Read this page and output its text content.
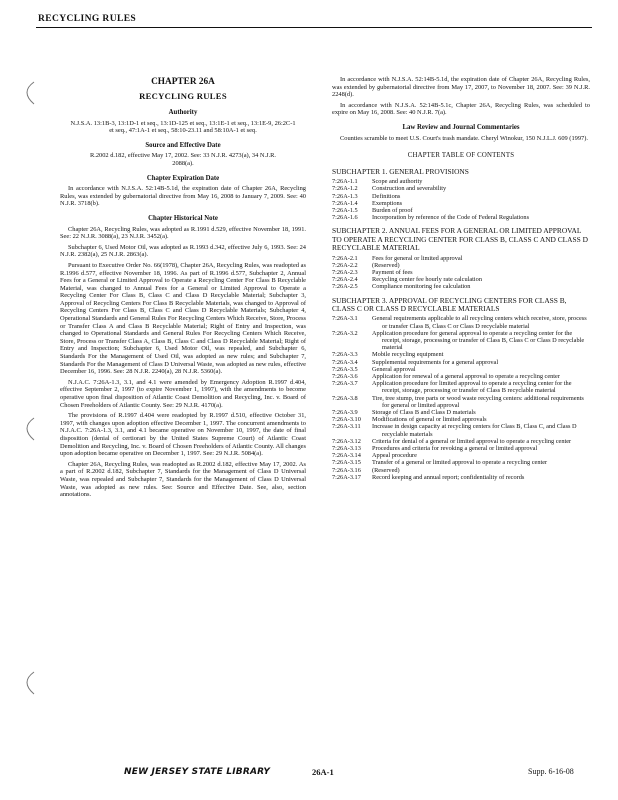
RECYCLING RULES
CHAPTER 26A
RECYCLING RULES
Authority
N.J.S.A. 13:1B-3, 13:1D-1 et seq., 13:1D-125 et seq., 13:1E-1 et seq., 13:1E-9, 26:2C-1 et seq., 47:1A-1 et seq., 58:10-23.11 and 58:10A-1 et seq.
Source and Effective Date
R.2002 d.182, effective May 17, 2002. See: 33 N.J.R. 4273(a), 34 N.J.R. 2088(a).
Chapter Expiration Date

In accordance with N.J.S.A. 52:14B-5.1d, the expiration date of Chapter 26A, Recycling Rules, was extended by gubernatorial directive from May 16, 2008 to January 7, 2009. See: 40 N.J.R. 3718(b).

Chapter Historical Note

Chapter 26A, Recycling Rules, was adopted as R.1991 d.529, effective November 18, 1991. See: 22 N.J.R. 3088(a), 23 N.J.R. 3452(a).

Subchapter 6, Used Motor Oil, was adopted as R.1993 d.342, effective July 6, 1993. See: 24 N.J.R. 2382(a), 25 N.J.R. 2863(a).

Pursuant to Executive Order No. 66(1978), Chapter 26A, Recycling Rules, was readopted as R.1996 d.577, effective November 18, 1996. As part of R.1996 d.577, Subchapter 2, Annual Fees for a General or Limited Approval to Operate a Recycling Center For Class B Recyclable Material, was changed to Annual Fees for a General or Limited Approval to Operate a Recycling Center For Class B, Class C and Class D Recyclable Material; Subchapter 3, Approval of Recycling Centers For Class B Recyclable Materials, was changed to Approval of Recycling Centers For Class B, Class C and Class D Recyclable Materials; Subchapter 4, Operational Standards and General Rules For Recycling Centers Which Receive, Store, Process or Transfer Class A and Class B Recyclable Material; Right of Entry and Inspection, was changed to Operational Standards and General Rules For Recycling Centers Which Receive, Store, Process or Transfer Class A, Class B, Class C and Class D Recyclable Material; Right of Entry and Inspection; Subchapter 6, Used Motor Oil, was repealed, and Subchapter 6, Standards For the Management of Used Oil, was adopted as new rules; and Subchapter 7, Standards For the Management of Class D Universal Waste, was adopted as new rules, effective December 16, 1996. See: 28 N.J.R. 2240(a), 28 N.J.R. 5360(a).

N.J.A.C. 7:26A-1.3, 3.1, and 4.1 were amended by Emergency Adoption R.1997 d.404, effective September 2, 1997 (to expire November 1, 1997), with the amendments to become operative upon final disposition of Atlantic Coast Demolition and Recycling, Inc. v. Board of Chosen Freeholders of Atlantic County. See: 29 N.J.R. 4170(a).

The provisions of R.1997 d.404 were readopted by R.1997 d.510, effective October 31, 1997, with changes upon adoption effective December 1, 1997. The concurrent amendments to N.J.A.C. 7:26A-1.3, 3.1, and 4.1 became operative on November 10, 1997, the date of final disposition (denial of certiorari by the United States Supreme Court) of Atlantic Coast Demolition and Recycling, Inc. v. Board of Chosen Freeholders of Atlantic County. All changes upon adoption became operative on December 1, 1997. See: 29 N.J.R. 5084(a).

Chapter 26A, Recycling Rules, was readopted as R.2002 d.182, effective May 17, 2002. As a part of R.2002 d.182, Subchapter 7, Standards for the Management of Class D Universal Waste, was repealed and Subchapter 7, Standards for the Management of Class D Universal Waste, was adopted as new rules. See: Source and Effective Date. See, also, section annotations.

In accordance with N.J.S.A. 52:14B-5.1d, the expiration date of Chapter 26A, Recycling Rules, was extended by gubernatorial directive from May 17, 2007, to November 18, 2007. See: 39 N.J.R. 2248(d).

In accordance with N.J.S.A. 52:14B-5.1c, Chapter 26A, Recycling Rules, was scheduled to expire on May 16, 2008. See: 40 N.J.R. 7(a).

Law Review and Journal Commentaries

Counties scramble to meet U.S. Court's trash mandate. Cheryl Winokur, 150 N.J.L.J. 609 (1997).

CHAPTER TABLE OF CONTENTS
SUBCHAPTER 1. GENERAL PROVISIONS
7:26A-1.1	Scope and authority
7:26A-1.2	Construction and severability
7:26A-1.3	Definitions
7:26A-1.4	Exemptions
7:26A-1.5	Burden of proof
7:26A-1.6	Incorporation by reference of the Code of Federal Regulations
SUBCHAPTER 2. ANNUAL FEES FOR A GENERAL OR LIMITED APPROVAL TO OPERATE A RECYCLING CENTER FOR CLASS B, CLASS C AND CLASS D RECYCLABLE MATERIAL
7:26A-2.1	Fees for general or limited approval
7:26A-2.2	(Reserved)
7:26A-2.3	Payment of fees
7:26A-2.4	Recycling center fee hourly rate calculation
7:26A-2.5	Compliance monitoring fee calculation
SUBCHAPTER 3. APPROVAL OF RECYCLING CENTERS FOR CLASS B, CLASS C OR CLASS D RECYCLABLE MATERIALS
7:26A-3.1	General requirements applicable to all recycling centers which receive, store, process or transfer Class B, Class C or Class D recyclable material
7:26A-3.2	Application procedure for general approval to operate a recycling center for the receipt, storage, processing or transfer of Class B, Class C or Class D recyclable material
7:26A-3.3	Mobile recycling equipment
7:26A-3.4	Supplemental requirements for a general approval
7:26A-3.5	General approval
7:26A-3.6	Application for renewal of a general approval to operate a recycling center
7:26A-3.7	Application procedure for limited approval to operate a recycling center for the receipt, storage, processing or transfer of Class B recyclable material
7:26A-3.8	Tire, tree stump, tree parts or wood waste recycling centers: additional requirements for general or limited approval
7:26A-3.9	Storage of Class B and Class D materials
7:26A-3.10	Modifications of general or limited approvals
7:26A-3.11	Increase in design capacity at recycling centers for Class B, Class C, and Class D recyclable materials
7:26A-3.12	Criteria for denial of a general or limited approval to operate a recycling center
7:26A-3.13	Procedures and criteria for revoking a general or limited approval
7:26A-3.14	Appeal procedure
7:26A-3.15	Transfer of a general or limited approval to operate a recycling center
7:26A-3.16	(Reserved)
7:26A-3.17	Record keeping and annual report; confidentiality of records
NEW JERSEY STATE LIBRARY	26A-1	Supp. 6-16-08
